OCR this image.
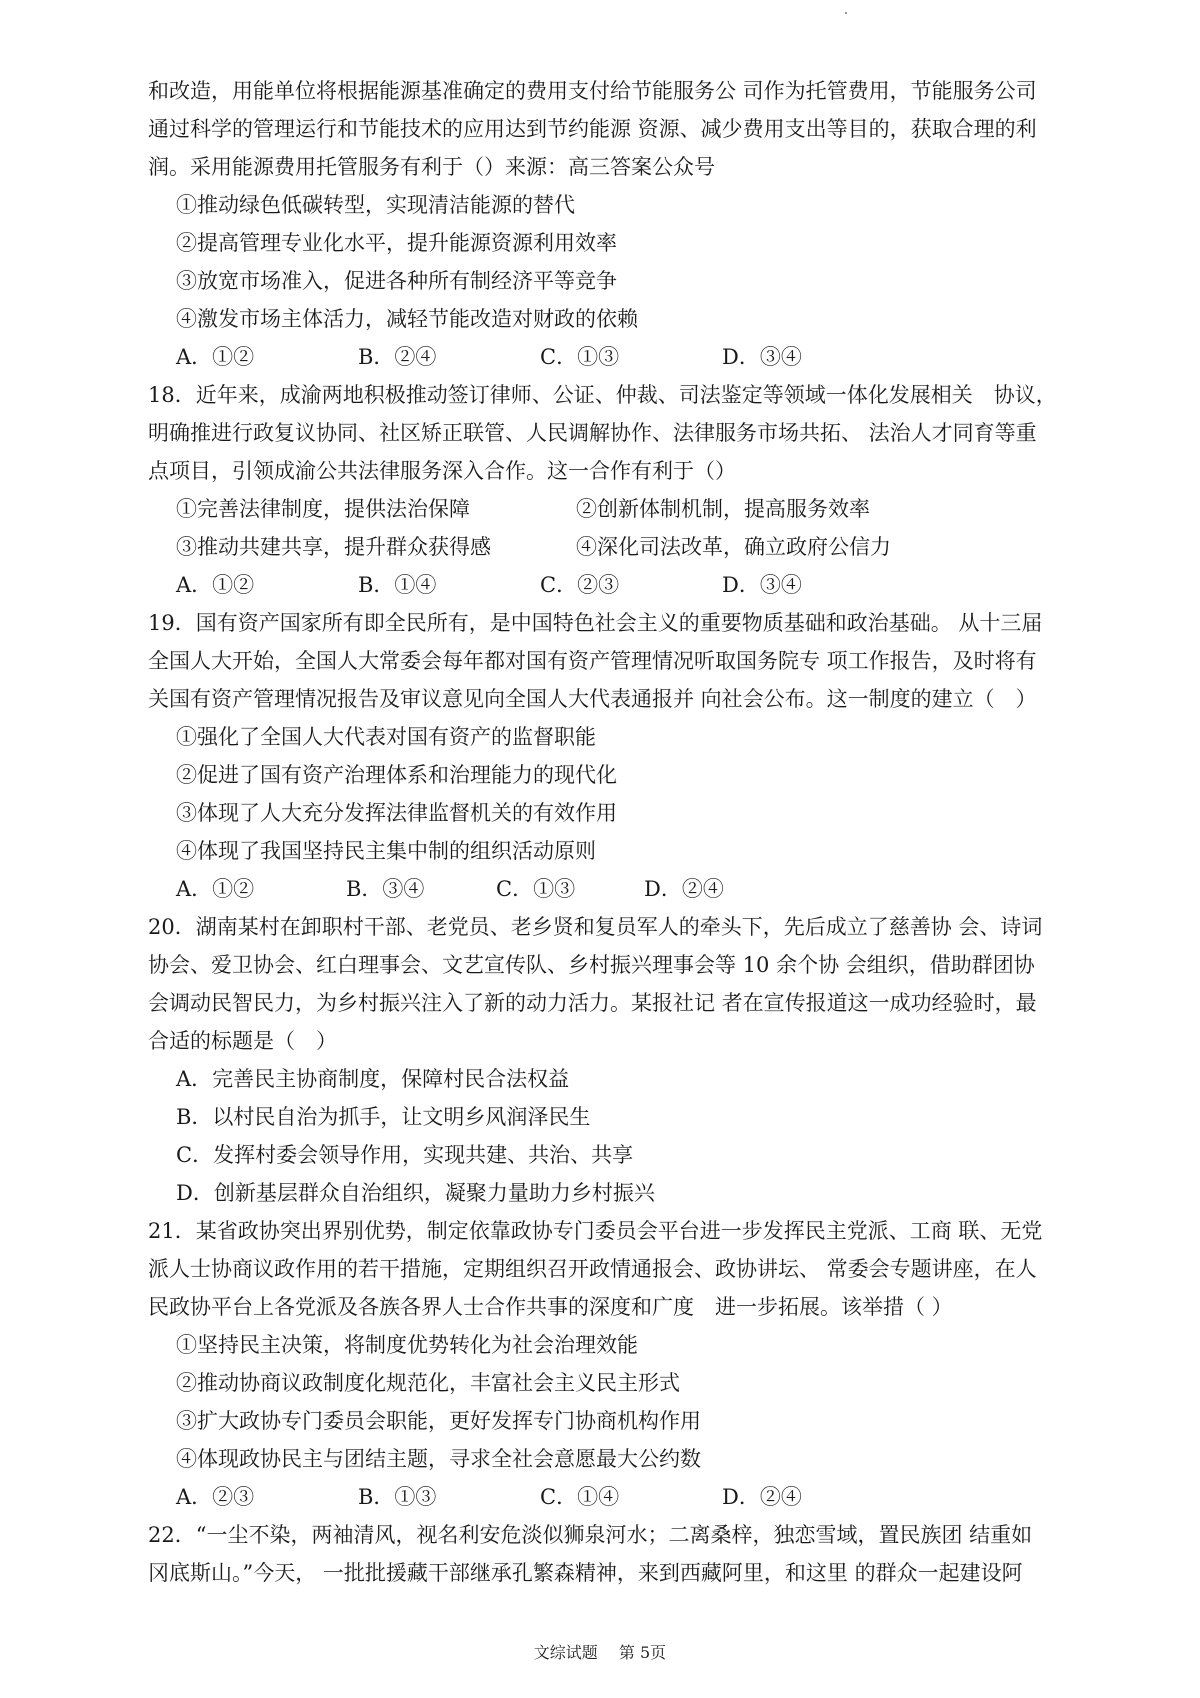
和改造，用能单位将根据能源基准确定的费用支付给节能服务公 司作为托管费用，节能服务公司

通过科学的管理运行和节能技术的应用达到节约能源 资源、减少费用支出等目的，获取合理的利

润。采用能源费用托管服务有利于（）来源：高三答案公众号

①推动绿色低碳转型，实现清洁能源的替代

②提高管理专业化水平，提升能源资源利用效率

③放宽市场准入，促进各种所有制经济平等竞争

④激发市场主体活力，减轻节能改造对财政的依赖

A．①②	B．②④	C．①③	D．③④

18．近年来，成渝两地积极推动签订律师、公证、仲裁、司法鉴定等领域一体化发展相关　协议，

明确推进行政复议协同、社区矫正联管、人民调解协作、法律服务市场共拓、 法治人才同育等重

点项目，引领成渝公共法律服务深入合作。这一合作有利于（）

①完善法律制度，提供法治保障	②创新体制机制，提高服务效率
③推动共建共享，提升群众获得感	④深化司法改革，确立政府公信力
A．①②	B．①④	C．②③	D．③④

19．国有资产国家所有即全民所有，是中国特色社会主义的重要物质基础和政治基础。 从十三届

全国人大开始，全国人大常委会每年都对国有资产管理情况听取国务院专 项工作报告，及时将有

关国有资产管理情况报告及审议意见向全国人大代表通报并 向社会公布。这一制度的建立（　）

①强化了全国人大代表对国有资产的监督职能

②促进了国有资产治理体系和治理能力的现代化

③体现了人大充分发挥法律监督机关的有效作用

④体现了我国坚持民主集中制的组织活动原则

A．①②	B．③④	C．①③	D．②④

20．湖南某村在卸职村干部、老党员、老乡贤和复员军人的牵头下，先后成立了慈善协 会、诗词

协会、爱卫协会、红白理事会、文艺宣传队、乡村振兴理事会等 10 余个协 会组织，借助群团协

会调动民智民力，为乡村振兴注入了新的动力活力。某报社记 者在宣传报道这一成功经验时，最

合适的标题是（　）

A．完善民主协商制度，保障村民合法权益

B．以村民自治为抓手，让文明乡风润泽民生

C．发挥村委会领导作用，实现共建、共治、共享

D．创新基层群众自治组织，凝聚力量助力乡村振兴

21．某省政协突出界别优势，制定依靠政协专门委员会平台进一步发挥民主党派、工商 联、无党

派人士协商议政作用的若干措施，定期组织召开政情通报会、政协讲坛、 常委会专题讲座，在人

民政协平台上各党派及各族各界人士合作共事的深度和广度　进一步拓展。该举措（ ）

①坚持民主决策，将制度优势转化为社会治理效能

②推动协商议政制度化规范化，丰富社会主义民主形式

③扩大政协专门委员会职能，更好发挥专门协商机构作用

④体现政协民主与团结主题，寻求全社会意愿最大公约数

A．②③	B．①③	C．①④	D．②④

22．“一尘不染，两袖清风，视名利安危淡似狮泉河水；二离桑梓，独恋雪域，置民族团 结重如

冈底斯山。”今天， 一批批援藏干部继承孔繁森精神，来到西藏阿里，和这里 的群众一起建设阿

文综试题 第 5页
